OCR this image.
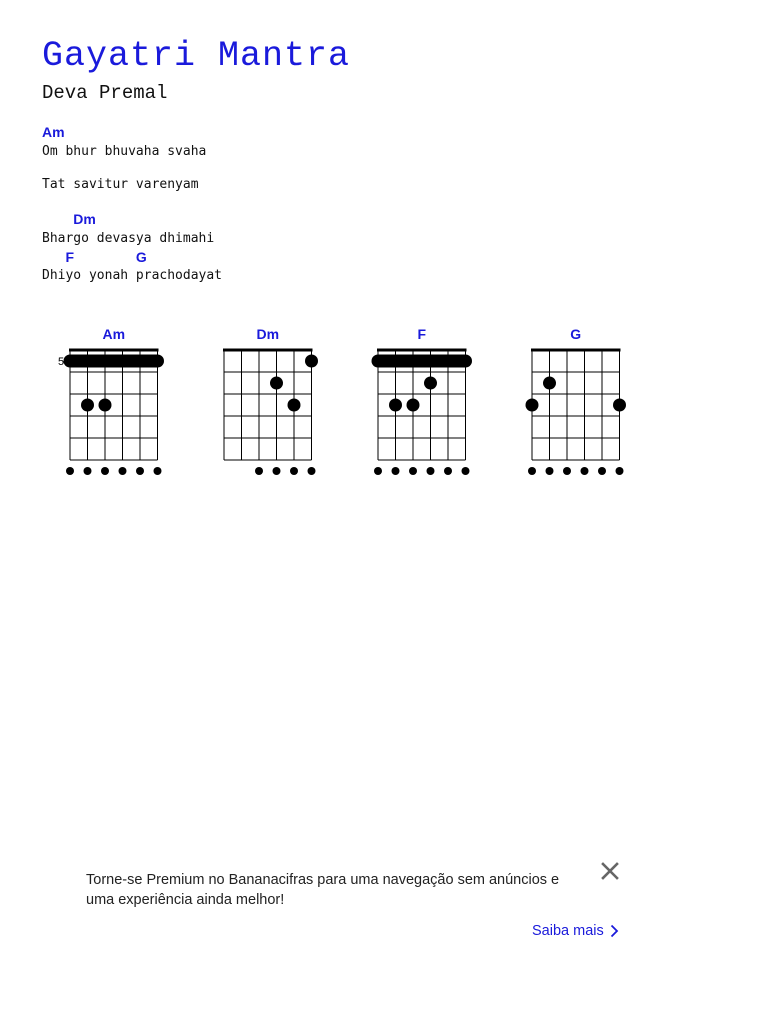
Gayatri Mantra
Deva Premal
Am
Om bhur bhuvaha svaha
Tat savitur varenyam
Dm
Bhargo devasya dhimahi
F	G
Dhiyo yonah prachodayat
Am
5
Dm	F	G
Torne-se Premium no Bananacifras para uma navegação sem anúncios e uma experiência ainda melhor!
Saiba mais
